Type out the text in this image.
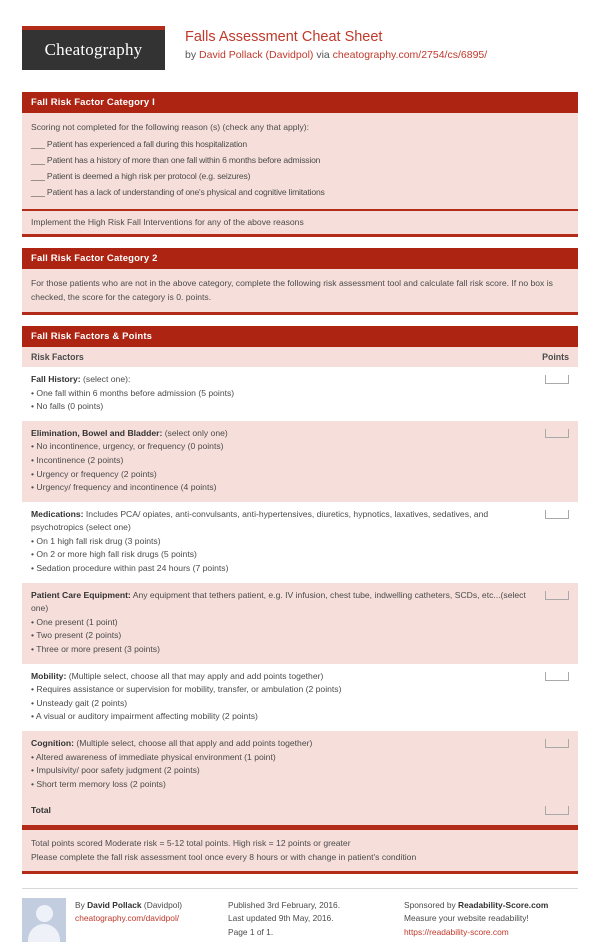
Cheatography
Falls Assessment Cheat Sheet
by David Pollack (Davidpol) via cheatography.com/2754/cs/6895/
Fall Risk Factor Category I
Scoring not completed for the following reason (s) (check any that apply):
___ Patient has experienced a fall during this hospitalization
___ Patient has a history of more than one fall within 6 months before admission
___ Patient is deemed a high risk per protocol (e.g. seizures)
___ Patient has a lack of understanding of one's physical and cognitive limitations
Implement the High Risk Fall Interventions for any of the above reasons
Fall Risk Factor Category 2
For those patients who are not in the above category, complete the following risk assessment tool and calculate fall risk score. If no box is checked, the score for the category is 0. points.
Fall Risk Factors & Points
Risk Factors	Points
Fall History: (select one):
• One fall within 6 months before admission (5 points)
• No falls (0 points)
Elimination, Bowel and Bladder: (select only one)
• No incontinence, urgency, or frequency (0 points)
• Incontinence (2 points)
• Urgency or frequency (2 points)
• Urgency/ frequency and incontinence (4 points)
Medications: Includes PCA/ opiates, anti-convulsants, anti-hypertensives, diuretics, hypnotics, laxatives, sedatives, and psychotropics (select one)
• On 1 high fall risk drug (3 points)
• On 2 or more high fall risk drugs (5 points)
• Sedation procedure within past 24 hours (7 points)
Patient Care Equipment: Any equipment that tethers patient, e.g. IV infusion, chest tube, indwelling catheters, SCDs, etc...(select one)
• One present (1 point)
• Two present (2 points)
• Three or more present (3 points)
Mobility: (Multiple select, choose all that may apply and add points together)
• Requires assistance or supervision for mobility, transfer, or ambulation (2 points)
• Unsteady gait (2 points)
• A visual or auditory impairment affecting mobility (2 points)
Cognition: (Multiple select, choose all that apply and add points together)
• Altered awareness of immediate physical environment (1 point)
• Impulsivity/ poor safety judgment (2 points)
• Short term memory loss (2 points)
Total
Total points scored Moderate risk = 5-12 total points. High risk = 12 points or greater
Please complete the fall risk assessment tool once every 8 hours or with change in patient's condition
By David Pollack (Davidpol)
cheatography.com/davidpol/
Published 3rd February, 2016.
Last updated 9th May, 2016.
Page 1 of 1.
Sponsored by Readability-Score.com
Measure your website readability!
https://readability-score.com
